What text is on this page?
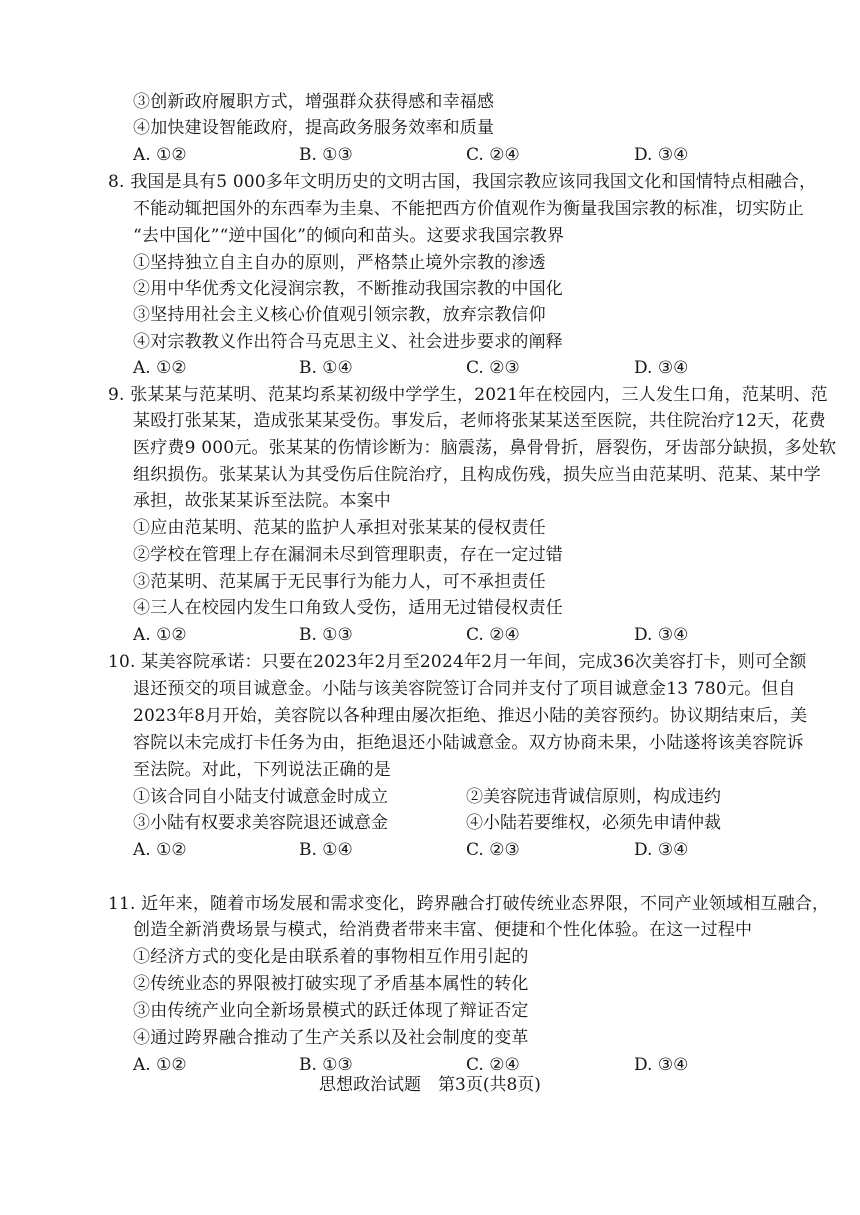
③创新政府履职方式，增强群众获得感和幸福感
④加快建设智能政府，提高政务服务效率和质量
8. 我国是具有5 000多年文明历史的文明古国，我国宗教应该同我国文化和国情特点相融合，
不能动辄把国外的东西奉为圭臬、不能把西方价值观作为衡量我国宗教的标准，切实防止
“去中国化”“逆中国化”的倾向和苗头。这要求我国宗教界
①坚持独立自主自办的原则，严格禁止境外宗教的渗透
②用中华优秀文化浸润宗教，不断推动我国宗教的中国化
③坚持用社会主义核心价值观引领宗教，放弃宗教信仰
④对宗教教义作出符合马克思主义、社会进步要求的阐释
9. 张某某与范某明、范某均系某初级中学学生，2021年在校园内，三人发生口角，范某明、范
某殴打张某某，造成张某某受伤。事发后，老师将张某某送至医院，共住院治疗12天，花费
医疗费9 000元。张某某的伤情诊断为：脑震荡，鼻骨骨折，唇裂伤，牙齿部分缺损，多处软
组织损伤。张某某认为其受伤后住院治疗，且构成伤残，损失应当由范某明、范某、某中学
承担，故张某某诉至法院。本案中
①应由范某明、范某的监护人承担对张某某的侵权责任
②学校在管理上存在漏洞未尽到管理职责，存在一定过错
③范某明、范某属于无民事行为能力人，可不承担责任
④三人在校园内发生口角致人受伤，适用无过错侵权责任
10. 某美容院承诺：只要在2023年2月至2024年2月一年间，完成36次美容打卡，则可全额
退还预交的项目诚意金。小陆与该美容院签订合同并支付了项目诚意金13 780元。但自
2023年8月开始，美容院以各种理由屡次拒绝、推迟小陆的美容预约。协议期结束后，美
容院以未完成打卡任务为由，拒绝退还小陆诚意金。双方协商未果，小陆遂将该美容院诉
至法院。对此，下列说法正确的是
11. 近年来，随着市场发展和需求变化，跨界融合打破传统业态界限，不同产业领域相互融合，
创造全新消费场景与模式，给消费者带来丰富、便捷和个性化体验。在这一过程中
①经济方式的变化是由联系着的事物相互作用引起的
②传统业态的界限被打破实现了矛盾基本属性的转化
③由传统产业向全新场景模式的跃迁体现了辩证否定
④通过跨界融合推动了生产关系以及社会制度的变革
①该合同自小陆支付诚意金时成立	②美容院违背诚信原则，构成违约
③小陆有权要求美容院退还诚意金	④小陆若要维权，必须先申请仲裁
A. ①②	B. ①③	C. ②④	D. ③④
A. ①②	B. ①④	C. ②③	D. ③④
A. ①②	B. ①③	C. ②④	D. ③④
A. ①②	B. ①④	C. ②③	D. ③④
A. ①②	B. ①③	C. ②④	D. ③④
思想政治试题　第3页(共8页)
